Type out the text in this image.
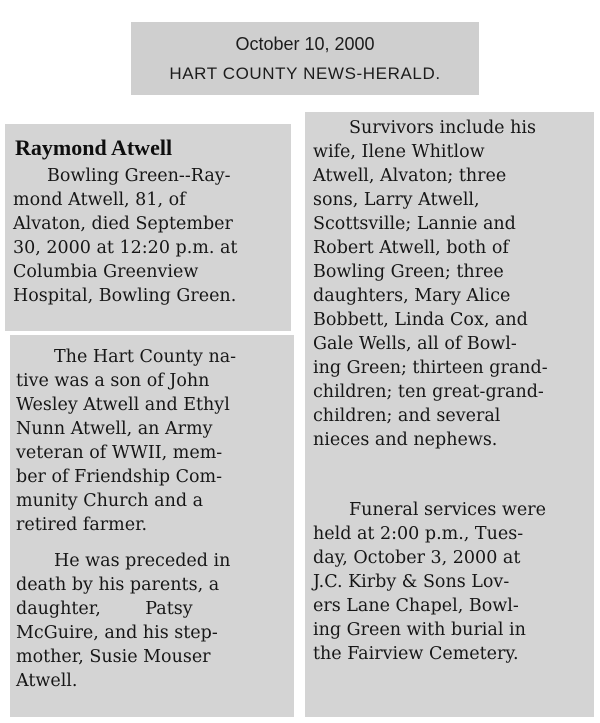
October 10, 2000
HART COUNTY NEWS-HERALD.
Raymond Atwell
Bowling Green--Ray-
mond Atwell, 81, of
Alvaton, died September
30, 2000 at 12:20 p.m. at
Columbia Greenview
Hospital, Bowling Green.
The Hart County na-
tive was a son of John
Wesley Atwell and Ethyl
Nunn Atwell, an Army
veteran of WWII, mem-
ber of Friendship Com-
munity Church and a
retired farmer.
He was preceded in
death by his parents, a
daughter,        Patsy
McGuire, and his step-
mother, Susie Mouser
Atwell.
Survivors include his
wife, Ilene Whitlow
Atwell, Alvaton; three
sons, Larry Atwell,
Scottsville; Lannie and
Robert Atwell, both of
Bowling Green; three
daughters, Mary Alice
Bobbett, Linda Cox, and
Gale Wells, all of Bowl-
ing Green; thirteen grand-
children; ten great-grand-
children; and several
nieces and nephews.
Funeral services were
held at 2:00 p.m., Tues-
day, October 3, 2000 at
J.C. Kirby & Sons Lov-
ers Lane Chapel, Bowl-
ing Green with burial in
the Fairview Cemetery.
